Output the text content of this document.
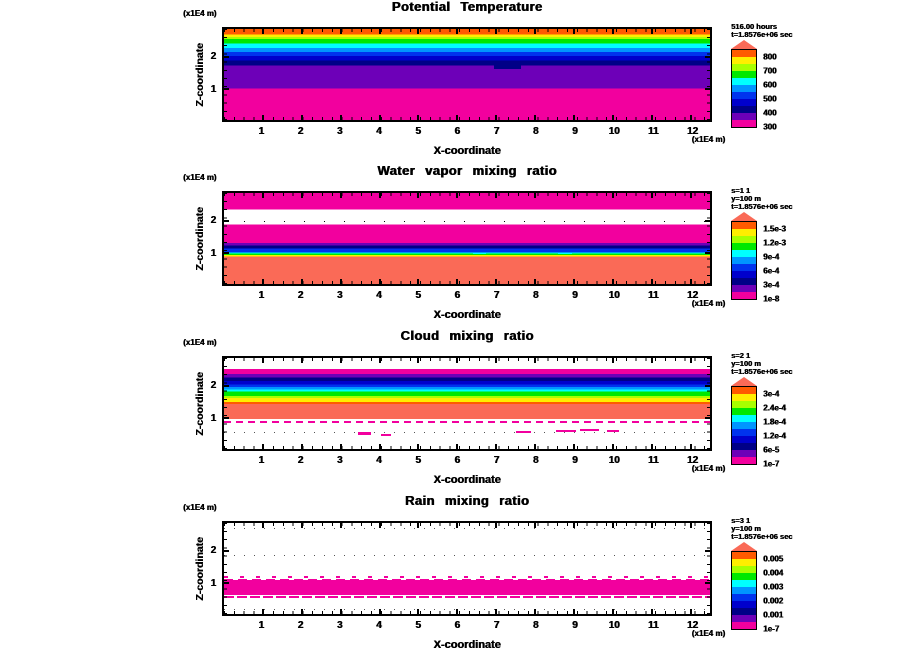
Potential Temperature
(x1E4 m)
Z-coordinate
1	2	3	4	5	6	7	8	9	10	11	12
2
1
(x1E4 m)
X-coordinate
516.00 hours
t=1.8576e+06 sec
800
700
600
500
400
300
Water vapor mixing ratio
(x1E4 m)
Z-coordinate
1	2	3	4	5	6	7	8	9	10	11	12
2
1
(x1E4 m)
X-coordinate
s=1 1
y=100 m
t=1.8576e+06 sec
1.5e-3
1.2e-3
9e-4
6e-4
3e-4
1e-8
Cloud mixing ratio
(x1E4 m)
Z-coordinate
1	2	3	4	5	6	7	8	9	10	11	12
2
1
(x1E4 m)
X-coordinate
s=2 1
y=100 m
t=1.8576e+06 sec
3e-4
2.4e-4
1.8e-4
1.2e-4
6e-5
1e-7
Rain mixing ratio
(x1E4 m)
Z-coordinate
1	2	3	4	5	6	7	8	9	10	11	12
2
1
(x1E4 m)
X-coordinate
s=3 1
y=100 m
t=1.8576e+06 sec
0.005
0.004
0.003
0.002
0.001
1e-7
